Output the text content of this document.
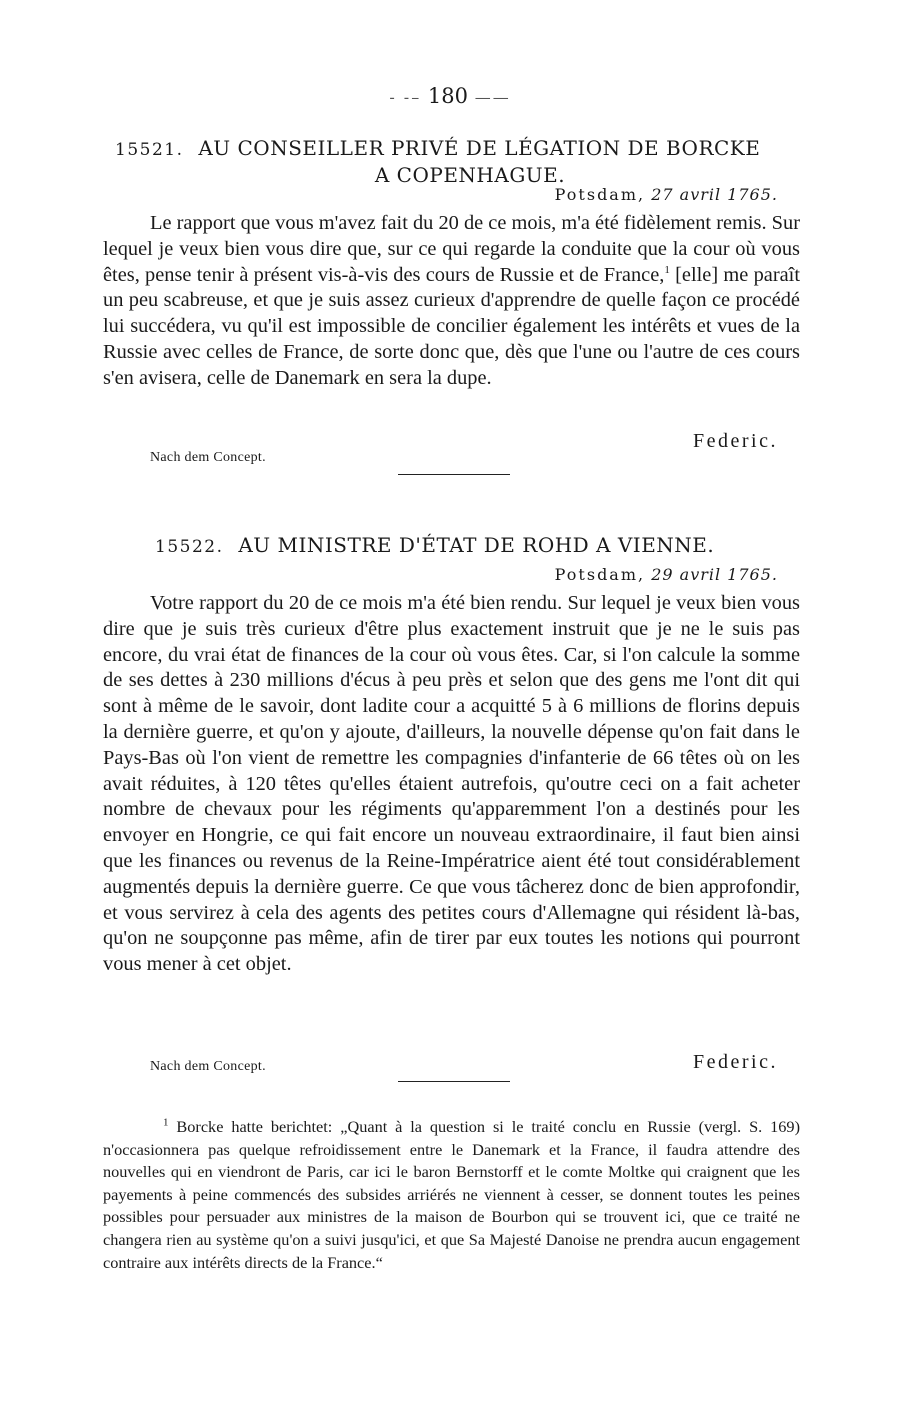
- -– 180 ——
15521. AU CONSEILLER PRIVÉ DE LÉGATION DE BORCKE
A COPENHAGUE.
Potsdam, 27 avril 1765.

Le rapport que vous m'avez fait du 20 de ce mois, m'a été fidèlement remis. Sur lequel je veux bien vous dire que, sur ce qui regarde la conduite que la cour où vous êtes, pense tenir à présent vis-à-vis des cours de Russie et de France,$^1$ [elle] me paraît un peu scabreuse, et que je suis assez curieux d'apprendre de quelle façon ce procédé lui succédera, vu qu'il est impossible de concilier également les intérêts et vues de la Russie avec celles de France, de sorte donc que, dès que l'une ou l'autre de ces cours s'en avisera, celle de Danemark en sera la dupe.

Federic.
Nach dem Concept.
15522. AU MINISTRE D'ÉTAT DE ROHD A VIENNE.
Potsdam, 29 avril 1765.

Votre rapport du 20 de ce mois m'a été bien rendu. Sur lequel je veux bien vous dire que je suis très curieux d'être plus exactement instruit que je ne le suis pas encore, du vrai état de finances de la cour où vous êtes. Car, si l'on calcule la somme de ses dettes à 230 millions d'écus à peu près et selon que des gens me l'ont dit qui sont à même de le savoir, dont ladite cour a acquitté 5 à 6 millions de florins depuis la dernière guerre, et qu'on y ajoute, d'ailleurs, la nouvelle dépense qu'on fait dans le Pays-Bas où l'on vient de remettre les compagnies d'infanterie de 66 têtes où on les avait réduites, à 120 têtes qu'elles étaient autrefois, qu'outre ceci on a fait acheter nombre de chevaux pour les régiments qu'apparemment l'on a destinés pour les envoyer en Hongrie, ce qui fait encore un nouveau extraordinaire, il faut bien ainsi que les finances ou revenus de la Reine-Impératrice aient été tout considérablement augmentés depuis la dernière guerre. Ce que vous tâcherez donc de bien approfondir, et vous servirez à cela des agents des petites cours d'Allemagne qui résident là-bas, qu'on ne soupçonne pas même, afin de tirer par eux toutes les notions qui pourront vous mener à cet objet.

Federic.
Nach dem Concept.

$^1$ Borcke hatte berichtet: „Quant à la question si le traité conclu en Russie (vergl. S. 169) n'occasionnera pas quelque refroidissement entre le Danemark et la France, il faudra attendre des nouvelles qui en viendront de Paris, car ici le baron Bernstorff et le comte Moltke qui craignent que les payements à peine commencés des subsides arriérés ne viennent à cesser, se donnent toutes les peines possibles pour persuader aux ministres de la maison de Bourbon qui se trouvent ici, que ce traité ne changera rien au système qu'on a suivi jusqu'ici, et que Sa Majesté Danoise ne prendra aucun engagement contraire aux intérêts directs de la France.“
